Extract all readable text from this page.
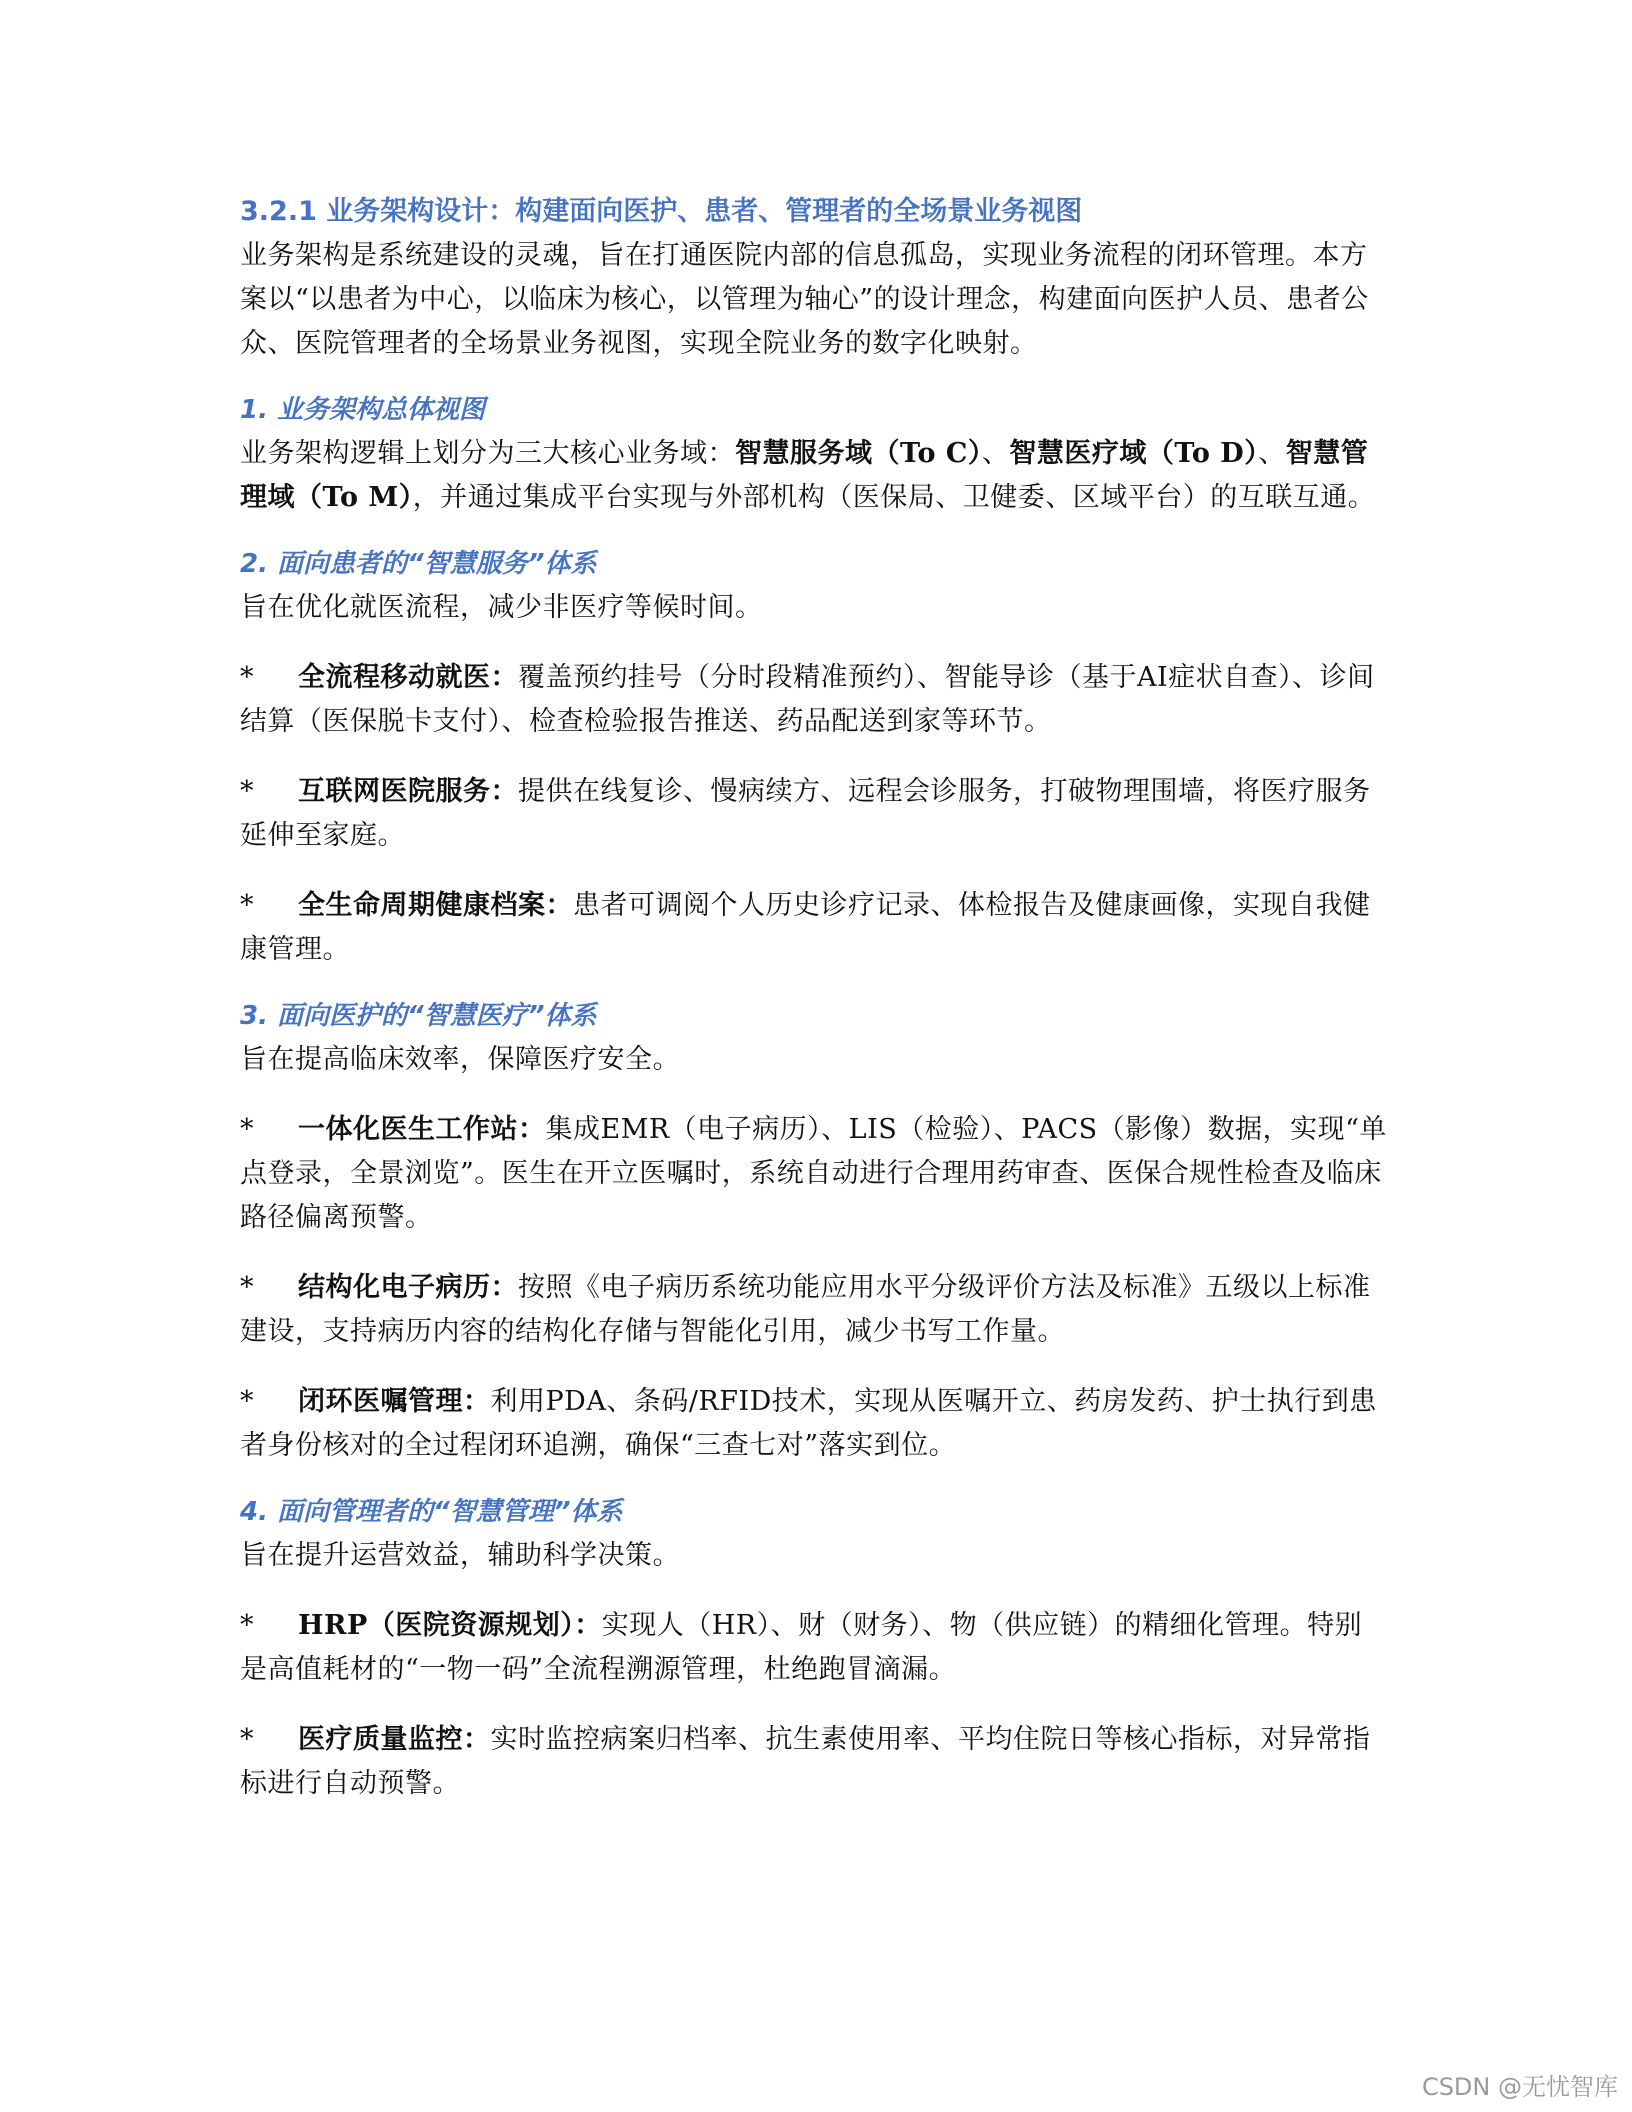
3.2.1 业务架构设计：构建面向医护、患者、管理者的全场景业务视图

业务架构是系统建设的灵魂，旨在打通医院内部的信息孤岛，实现业务流程的闭环管理。本方案以“以患者为中心，以临床为核心，以管理为轴心”的设计理念，构建面向医护人员、患者公众、医院管理者的全场景业务视图，实现全院业务的数字化映射。

1. 业务架构总体视图

业务架构逻辑上划分为三大核心业务域：智慧服务域（To C）、智慧医疗域（To D）、智慧管理域（To M），并通过集成平台实现与外部机构（医保局、卫健委、区域平台）的互联互通。

2. 面向患者的“智慧服务”体系

旨在优化就医流程，减少非医疗等候时间。

* 全流程移动就医：覆盖预约挂号（分时段精准预约）、智能导诊（基于AI症状自查）、诊间结算（医保脱卡支付）、检查检验报告推送、药品配送到家等环节。

* 互联网医院服务：提供在线复诊、慢病续方、远程会诊服务，打破物理围墙，将医疗服务延伸至家庭。

* 全生命周期健康档案：患者可调阅个人历史诊疗记录、体检报告及健康画像，实现自我健康管理。

3. 面向医护的“智慧医疗”体系

旨在提高临床效率，保障医疗安全。

* 一体化医生工作站：集成EMR（电子病历）、LIS（检验）、PACS（影像）数据，实现“单点登录，全景浏览”。医生在开立医嘱时，系统自动进行合理用药审查、医保合规性检查及临床路径偏离预警。

* 结构化电子病历：按照《电子病历系统功能应用水平分级评价方法及标准》五级以上标准建设，支持病历内容的结构化存储与智能化引用，减少书写工作量。

* 闭环医嘱管理：利用PDA、条码/RFID技术，实现从医嘱开立、药房发药、护士执行到患者身份核对的全过程闭环追溯，确保“三查七对”落实到位。

4. 面向管理者的“智慧管理”体系

旨在提升运营效益，辅助科学决策。

* HRP（医院资源规划）：实现人（HR）、财（财务）、物（供应链）的精细化管理。特别是高值耗材的“一物一码”全流程溯源管理，杜绝跑冒滴漏。

* 医疗质量监控：实时监控病案归档率、抗生素使用率、平均住院日等核心指标，对异常指标进行自动预警。

CSDN @无忧智库
